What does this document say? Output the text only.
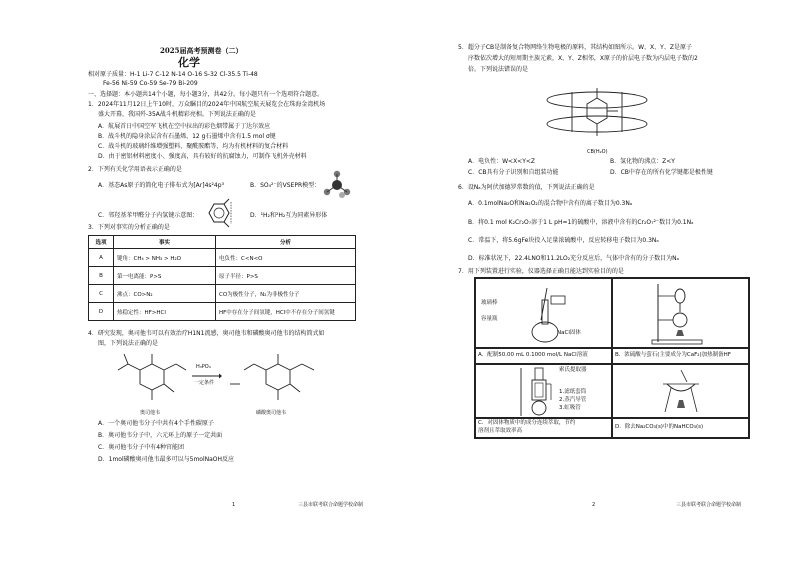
2025届高考预测卷（二）
化学
相对原子质量：H-1 Li-7 C-12 N-14 O-16 S-32 Cl-35.5 Ti-48
Fe-56 Ni-59 Co-59 Se-79 Bi-209
一、选择题：本小题共14个小题，每小题3分，共42分。每小题只有一个选项符合题意。
1．2024年11月12日上午10时，万众瞩目的2024年中国航空航天展览会在珠海金湾机场
盛大开幕，我国歼-35A战斗机精彩亮相。下列说法正确的是
A．航展首日中国空军飞机在空中拉出的彩色烟带属于丁达尔效应
B．战斗机的隐身涂层含有石墨烯，12 g石墨烯中含有1.5 mol σ键
C．战斗机的玻璃纤维增强塑料、聚酰胺酯等，均为有机材料的复合材料
D．由于密铝材料密度小、强度高，具有较好的抗腐蚀力，可制作飞机外壳材料
2．下列有关化学用语表示正确的是
A．基态As原子的简化电子排布式为[Ar]4s²4p³	B．SO₄²⁻的VSEPR模型：
C．邻羟基苯甲醛分子内氢键示意图：	D．¹H₂和²H₂互为同素异形体
3．下列对事实的分析正确的是
选项	事实	分析
A	键角：CH₄ > NH₃ > H₂O	电负性：C<N<O
B	第一电离能：P>S	原子半径：P>S
C	沸点：CO>N₂	CO为极性分子，N₂为非极性分子
D	热稳定性：HF>HCl	HF中存在分子间氢键，HCl中不存在分子间氢键
4．研究发现，奥司他韦可以有效治疗H1N1流感，奥司他韦和磷酸奥司他韦的结构简式如
图，下列说法正确的是
奥司他韦
H₃PO₄
一定条件
磷酸奥司他韦
A．一个奥司他韦分子中共有4个手性碳原子
B．奥司他韦分子中，六元环上的原子一定共面
C．奥司他韦分子中有4种官能团
D．1mol磷酸奥司他韦最多可以与5molNaOH反应
1	三县市联考联合命题学校命制
5．超分子CB是制备复合物网络生物电极的原料，其结构如图所示。W、X、Y、Z是原子
序数依次增大的短周期主族元素，X、Y、Z相邻，X原子的价层电子数为内层电子数的2
倍。下列说法错误的是
CB(H₂O)
A．电负性：W<X<Y<Z	B．氢化物的沸点：Z<Y
C．CB具有分子识别和自组装功能	D．CB中存在的所有化学键都是极性键
6．设Nₐ为阿伏加德罗常数的值，下列说法正确的是
A．0.1molNa₂O和Na₂O₂的混合物中含有的离子数目为0.3Nₐ
B．将0.1 mol K₂Cr₂O₇溶于1 L pH=1的硫酸中，溶液中含有的Cr₂O₇²⁻数目为0.1Nₐ
C．常温下，将5.6gFe块投入足量浓硫酸中，反应转移电子数目为0.3Nₐ
D．标准状况下，22.4LNO和11.2LO₂充分反应后，气体中含有的分子数目为Nₐ
7．用下列装置进行实验，仪器选择正确且能达到实验目的的是
玻璃棒
容量瓶
NaCl固体
A．配制50.00 mL 0.1000 mol/L NaCl溶液	B．浓硫酸与萤石(主要成分为CaF₂)加热制备HF
索氏提取器
1.滤纸套筒
2.蒸汽导管
3.虹吸管
C．对固体物质中的成分连续萃取，节约
溶剂且萃取效率高
D．除去Na₂CO₃(s)中的NaHCO₃(s)
2	三县市联考联合命题学校命制
